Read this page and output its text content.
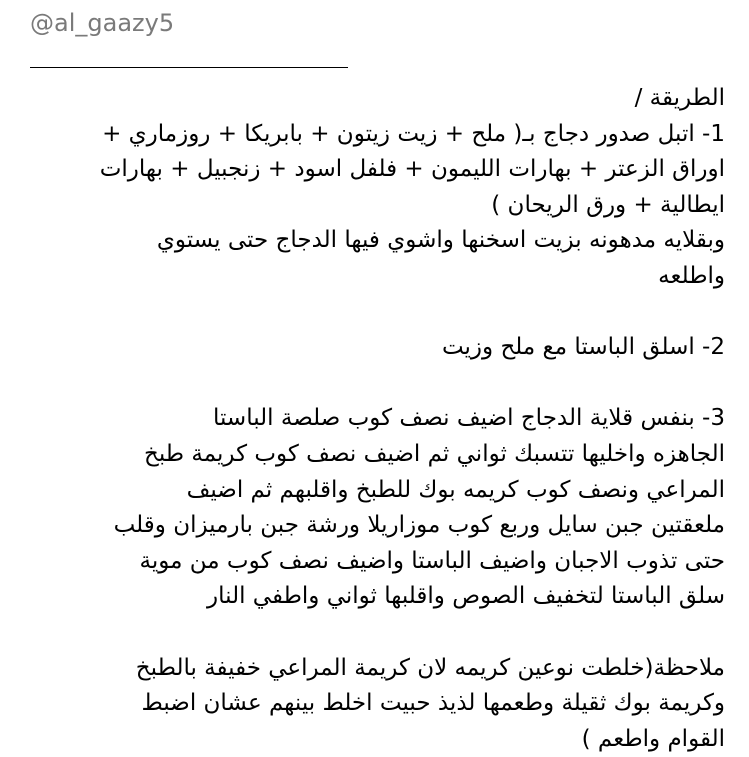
@al_gaazy5
الطريقة /
1- اتبل صدور دجاج بـ( ملح + زيت زيتون + بابريكا + روزماري +
اوراق الزعتر + بهارات الليمون + فلفل اسود + زنجبيل + بهارات
ايطالية + ورق الريحان )
وبقلايه مدهونه بزيت اسخنها واشوي فيها الدجاج حتى يستوي
واطلعه
2- اسلق الباستا مع ملح وزيت
3- بنفس قلاية الدجاج اضيف نصف كوب صلصة الباستا
الجاهزه واخليها تتسبك ثواني ثم اضيف نصف كوب كريمة طبخ
المراعي ونصف كوب كريمه بوك للطبخ واقلبهم ثم اضيف
ملعقتين جبن سايل وربع كوب موزاريلا ورشة جبن بارميزان وقلب
حتى تذوب الاجبان واضيف الباستا واضيف نصف كوب من موية
سلق الباستا لتخفيف الصوص واقلبها ثواني واطفي النار
ملاحظة(خلطت نوعين كريمه لان كريمة المراعي خفيفة بالطبخ
وكريمة بوك ثقيلة وطعمها لذيذ حبيت اخلط بينهم عشان اضبط
القوام واطعم )
